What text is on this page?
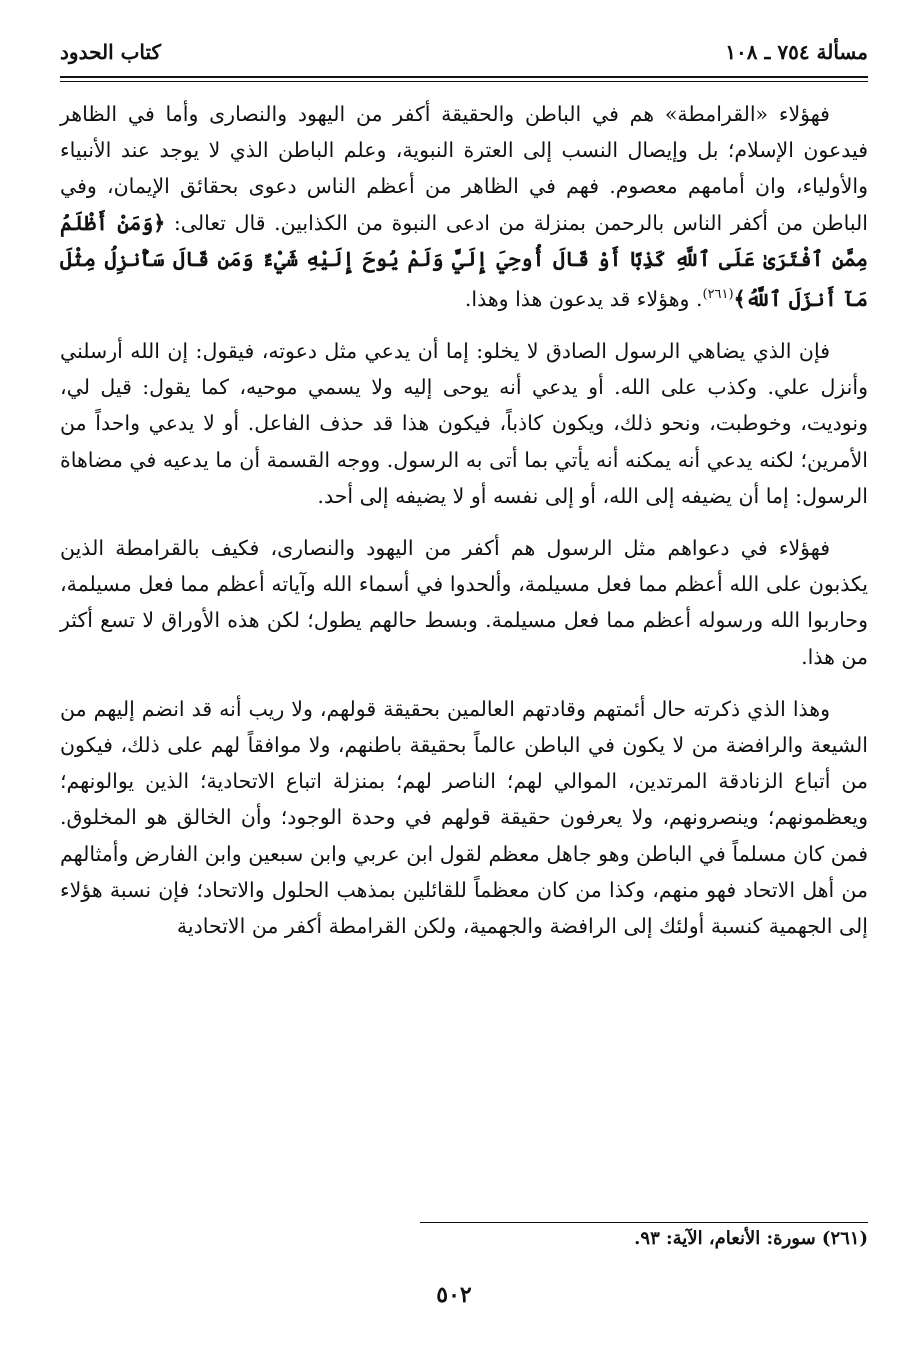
مسألة ٧٥٤ ـ ١٠٨
كتاب الحدود

فهؤلاء «القرامطة» هم في الباطن والحقيقة أكفر من اليهود والنصارى وأما في الظاهر فيدعون الإسلام؛ بل وإيصال النسب إلى العترة النبوية، وعلم الباطن الذي لا يوجد عند الأنبياء والأولياء، وان أمامهم معصوم. فهم في الظاهر من أعظم الناس دعوى بحقائق الإيمان، وفي الباطن من أكفر الناس بالرحمن بمنزلة من ادعى النبوة من الكذابين. قال تعالى: ﴿وَمَنْ أَظْلَمُ مِمَّنِ ٱفْتَرَىٰ عَلَى ٱللَّهِ كَذِبًا أَوْ قَالَ أُوحِيَ إِلَيَّ وَلَمْ يُوحَ إِلَيْهِ شَيْءٌ وَمَن قَالَ سَأُنزِلُ مِثْلَ مَآ أَنزَلَ ٱللَّهُ﴾$^{(٢٦١)}$. وهؤلاء قد يدعون هذا وهذا.

فإن الذي يضاهي الرسول الصادق لا يخلو: إما أن يدعي مثل دعوته، فيقول: إن الله أرسلني وأنزل علي. وكذب على الله. أو يدعي أنه يوحى إليه ولا يسمي موحيه، كما يقول: قيل لي، ونوديت، وخوطبت، ونحو ذلك، ويكون كاذباً، فيكون هذا قد حذف الفاعل. أو لا يدعي واحداً من الأمرين؛ لكنه يدعي أنه يمكنه أنه يأتي بما أتى به الرسول. ووجه القسمة أن ما يدعيه في مضاهاة الرسول: إما أن يضيفه إلى الله، أو إلى نفسه أو لا يضيفه إلى أحد.

فهؤلاء في دعواهم مثل الرسول هم أكفر من اليهود والنصارى، فكيف بالقرامطة الذين يكذبون على الله أعظم مما فعل مسيلمة، وألحدوا في أسماء الله وآياته أعظم مما فعل مسيلمة، وحاربوا الله ورسوله أعظم مما فعل مسيلمة. وبسط حالهم يطول؛ لكن هذه الأوراق لا تسع أكثر من هذا.

وهذا الذي ذكرته حال أئمتهم وقادتهم العالمين بحقيقة قولهم، ولا ريب أنه قد انضم إليهم من الشيعة والرافضة من لا يكون في الباطن عالماً بحقيقة باطنهم، ولا موافقاً لهم على ذلك، فيكون من أتباع الزنادقة المرتدين، الموالي لهم؛ الناصر لهم؛ بمنزلة اتباع الاتحادية؛ الذين يوالونهم؛ ويعظمونهم؛ وينصرونهم، ولا يعرفون حقيقة قولهم في وحدة الوجود؛ وأن الخالق هو المخلوق. فمن كان مسلماً في الباطن وهو جاهل معظم لقول ابن عربي وابن سبعين وابن الفارض وأمثالهم من أهل الاتحاد فهو منهم، وكذا من كان معظماً للقائلين بمذهب الحلول والاتحاد؛ فإن نسبة هؤلاء إلى الجهمية كنسبة أولئك إلى الرافضة والجهمية، ولكن القرامطة أكفر من الاتحادية

(٢٦١) سورة: الأنعام، الآية: ٩٣.
٥٠٢
